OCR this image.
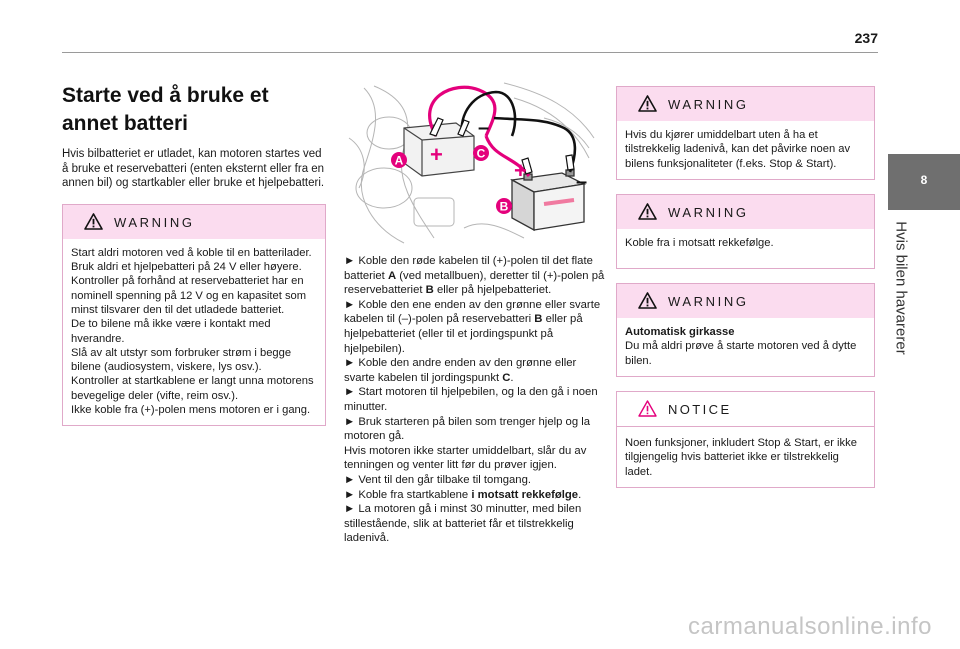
237
8
Hvis bilen havarerer
Starte ved å bruke et annet batteri

Hvis bilbatteriet er utladet, kan motoren startes ved å bruke et reservebatteri (enten eksternt eller fra en annen bil) og startkabler eller bruke et hjelpebatteri.

WARNING

Start aldri motoren ved å koble til en batterilader.

Bruk aldri et hjelpebatteri på 24 V eller høyere.

Kontroller på forhånd at reservebatteriet har en nominell spenning på 12 V og en kapasitet som minst tilsvarer den til det utladede batteriet.

De to bilene må ikke være i kontakt med hverandre.

Slå av alt utstyr som forbruker strøm i begge bilene (audiosystem, viskere, lys osv.).

Kontroller at startkablene er langt unna motorens bevegelige deler (vifte, reim osv.).

Ikke koble fra (+)-polen mens motoren er i gang.

+
–
+ –
A	C
B

► Koble den røde kabelen til (+)-polen til det flate batteriet A (ved metallbuen), deretter til (+)-polen på reservebatteriet B eller på hjelpebatteriet.

► Koble den ene enden av den grønne eller svarte kabelen til (–)-polen på reservebatteri B eller på hjelpebatteriet (eller til et jordingspunkt på hjelpebilen).

► Koble den andre enden av den grønne eller svarte kabelen til jordingspunkt C.

► Start motoren til hjelpebilen, og la den gå i noen minutter.

► Bruk starteren på bilen som trenger hjelp og la motoren gå.

Hvis motoren ikke starter umiddelbart, slår du av tenningen og venter litt før du prøver igjen.

► Vent til den går tilbake til tomgang.

► Koble fra startkablene i motsatt rekkefølge.

► La motoren gå i minst 30 minutter, med bilen stillestående, slik at batteriet får et tilstrekkelig ladenivå.

WARNING

Hvis du kjører umiddelbart uten å ha et tilstrekkelig ladenivå, kan det påvirke noen av bilens funksjonaliteter (f.eks. Stop & Start).

WARNING

Koble fra i motsatt rekkefølge.

WARNING

Automatisk girkasse

Du må aldri prøve å starte motoren ved å dytte bilen.

NOTICE

Noen funksjoner, inkludert Stop & Start, er ikke tilgjengelig hvis batteriet ikke er tilstrekkelig ladet.

carmanualsonline.info
